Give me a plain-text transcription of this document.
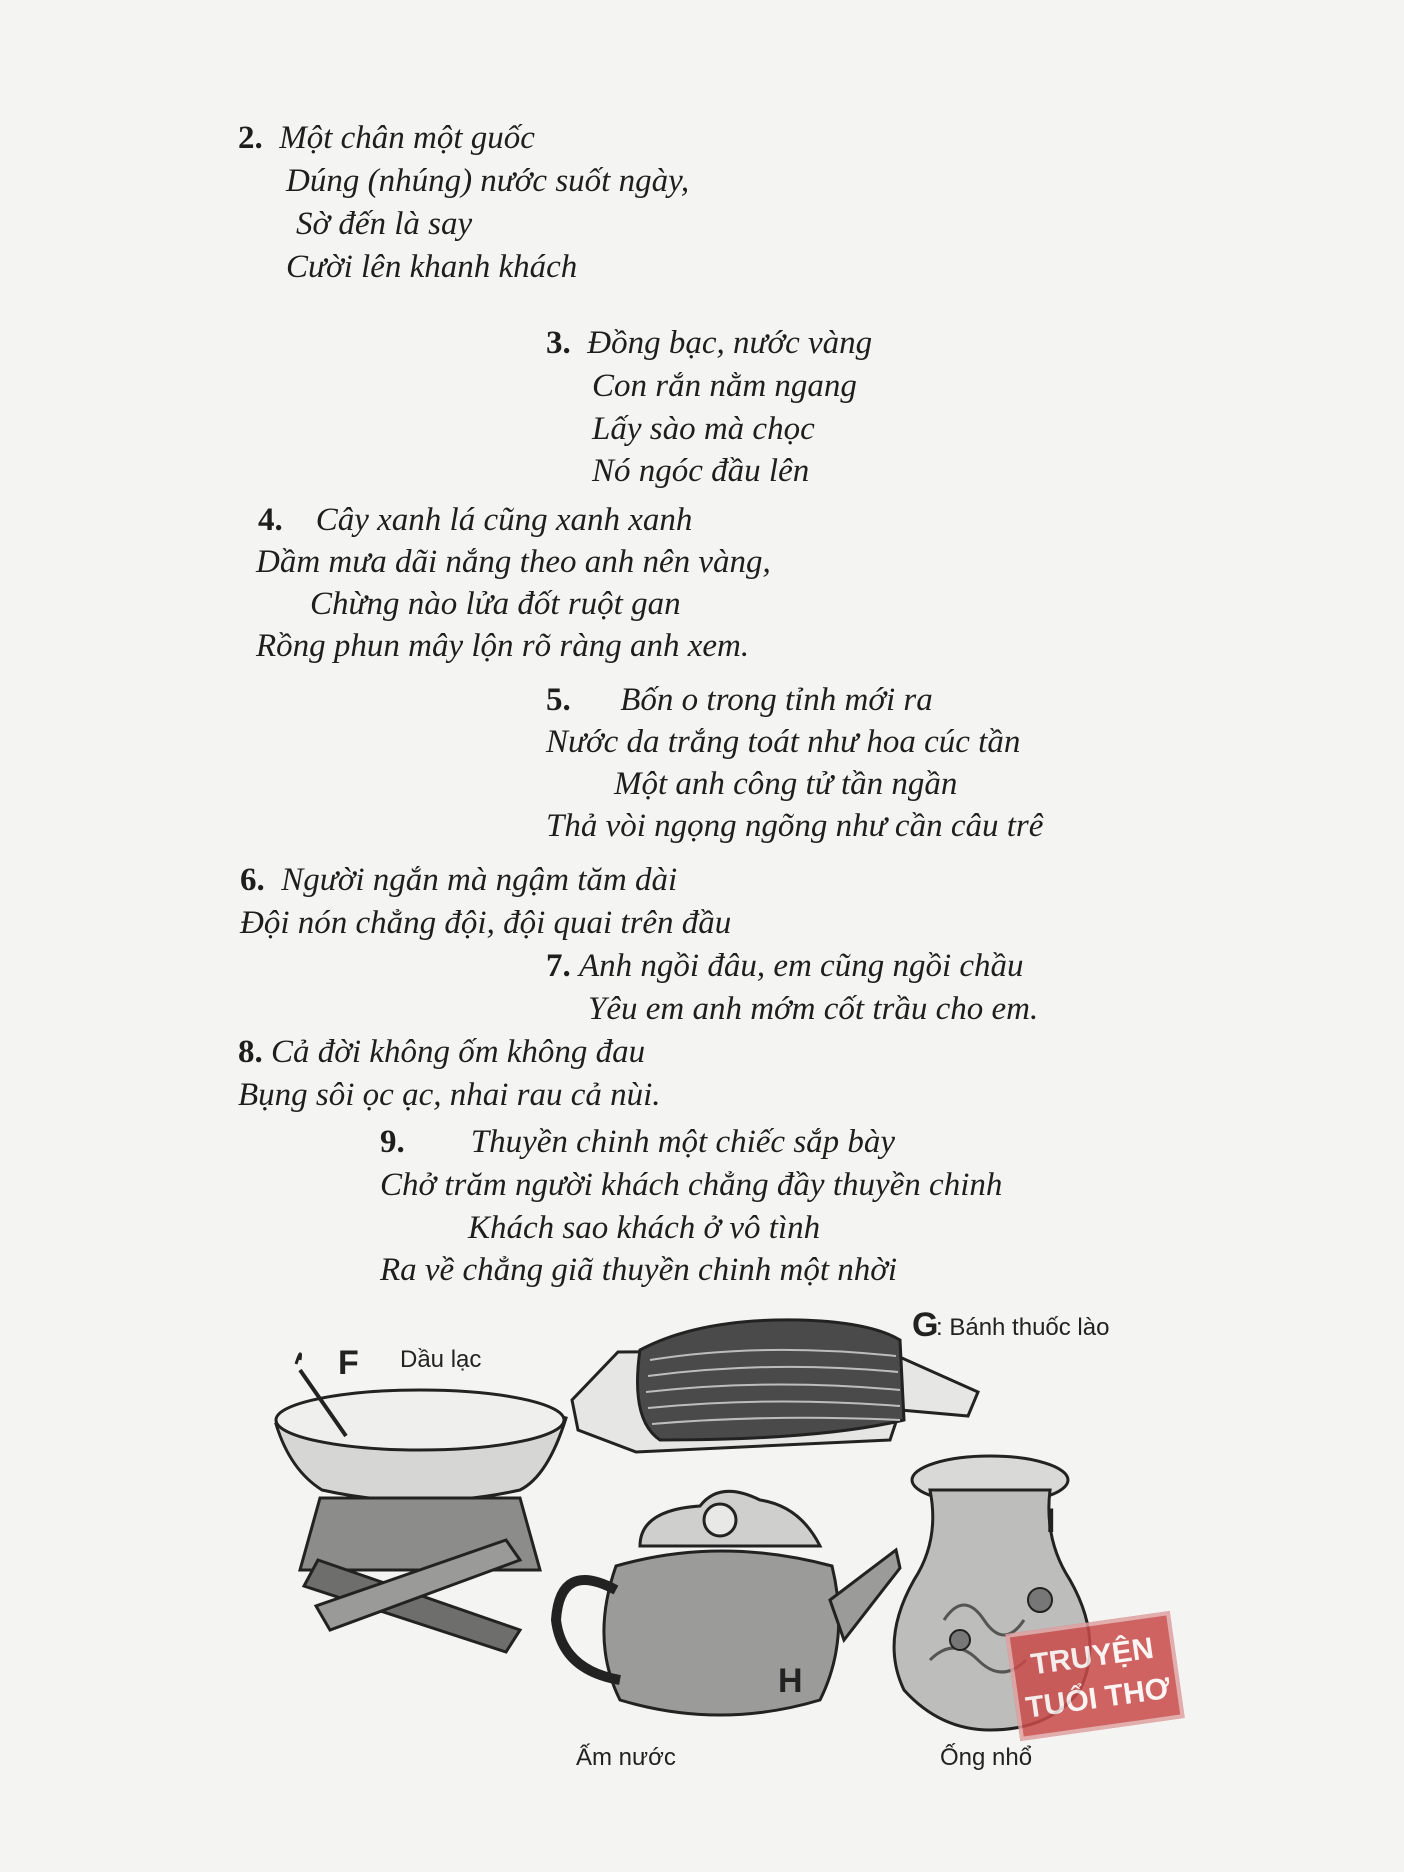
2. Một chân một guốc
Dúng (nhúng) nước suốt ngày,
Sờ đến là say
Cười lên khanh khách
3. Đồng bạc, nước vàng
Con rắn nằm ngang
Lấy sào mà chọc
Nó ngóc đầu lên
4. Cây xanh lá cũng xanh xanh
Dầm mưa dãi nắng theo anh nên vàng,
Chừng nào lửa đốt ruột gan
Rồng phun mây lộn rõ ràng anh xem.
5. Bốn o trong tỉnh mới ra
Nước da trắng toát như hoa cúc tần
Một anh công tử tần ngần
Thả vòi ngọng ngõng như cần câu trê
6. Người ngắn mà ngậm tăm dài
Đội nón chẳng đội, đội quai trên đầu
7. Anh ngồi đâu, em cũng ngồi chầu
Yêu em anh mớm cốt trầu cho em.
8. Cả đời không ốm không đau
Bụng sôi ọc ạc, nhai rau cả nùi.
9. Thuyền chinh một chiếc sắp bày
Chở trăm người khách chẳng đầy thuyền chinh
Khách sao khách ở vô tình
Ra về chẳng giã thuyền chinh một nhời
F Dầu lạc
G
: Bánh thuốc lào
H
Ấm nước
I
Ống nhổ
TRUYỆN
TUỔI THƠ
